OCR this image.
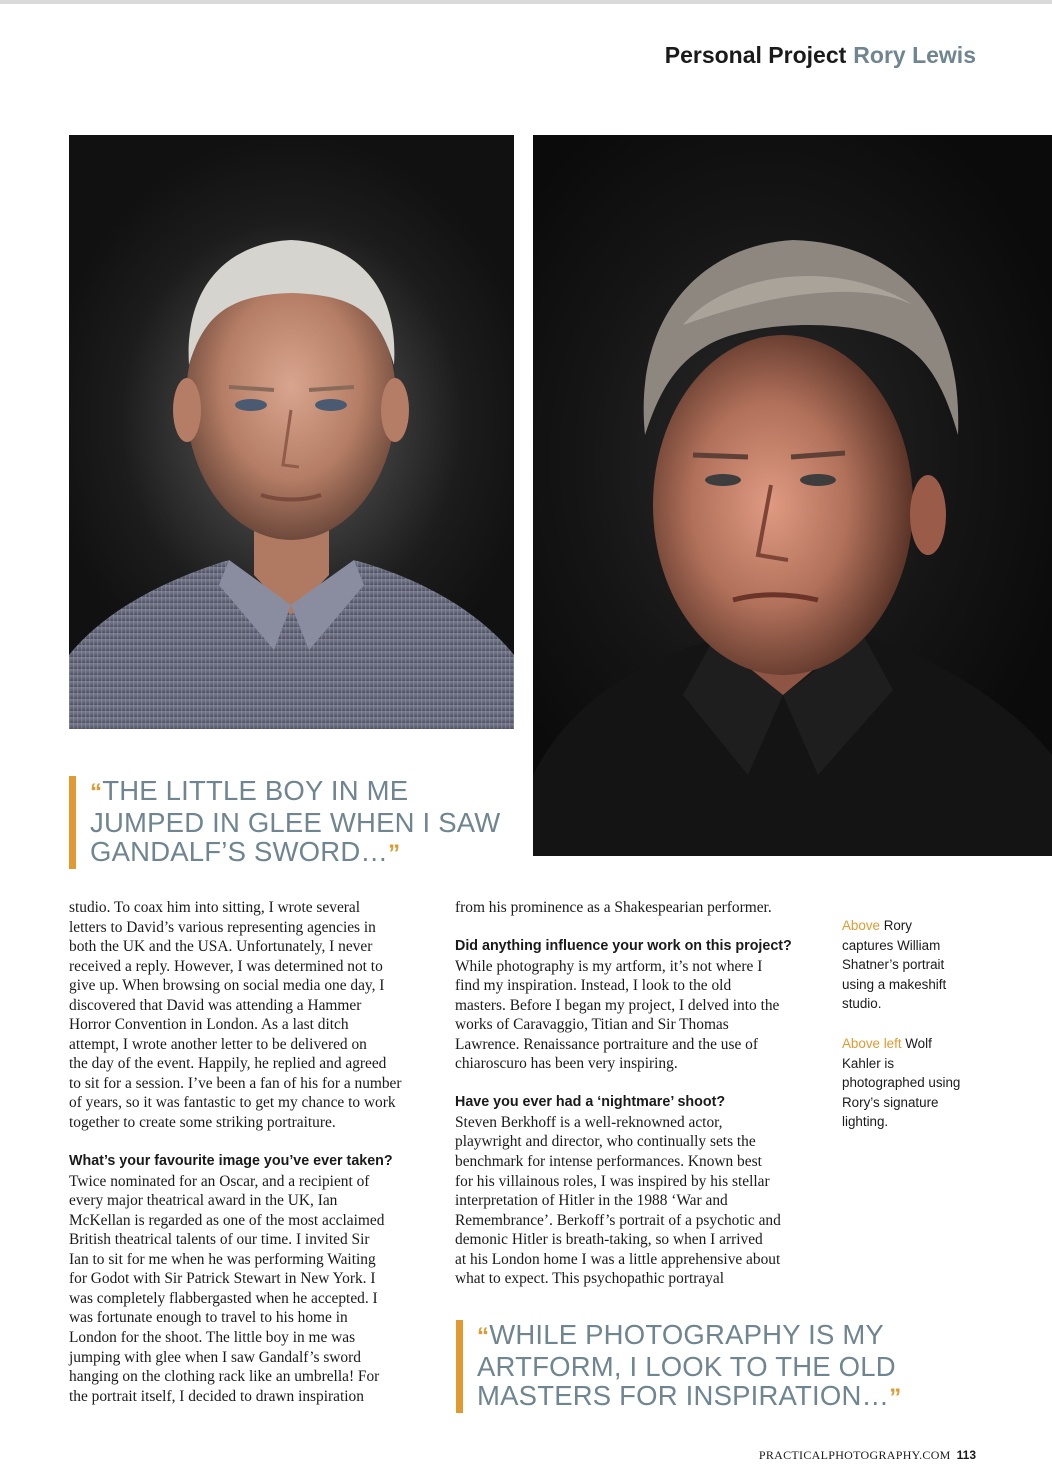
Personal Project Rory Lewis

“THE LITTLE BOY IN ME

JUMPED IN GLEE WHEN I SAW

GANDALF’S SWORD…”

studio. To coax him into sitting, I wrote several

letters to David’s various representing agencies in

both the UK and the USA. Unfortunately, I never

received a reply. However, I was determined not to

give up. When browsing on social media one day, I

discovered that David was attending a Hammer

Horror Convention in London. As a last ditch

attempt, I wrote another letter to be delivered on

the day of the event. Happily, he replied and agreed

to sit for a session. I’ve been a fan of his for a number

of years, so it was fantastic to get my chance to work

together to create some striking portraiture.

What’s your favourite image you’ve ever taken?

Twice nominated for an Oscar, and a recipient of

every major theatrical award in the UK, Ian

McKellan is regarded as one of the most acclaimed

British theatrical talents of our time. I invited Sir

Ian to sit for me when he was performing Waiting

for Godot with Sir Patrick Stewart in New York. I

was completely flabbergasted when he accepted. I

was fortunate enough to travel to his home in

London for the shoot. The little boy in me was

jumping with glee when I saw Gandalf’s sword

hanging on the clothing rack like an umbrella! For

the portrait itself, I decided to drawn inspiration

from his prominence as a Shakespearian performer.

Did anything influence your work on this project?

While photography is my artform, it’s not where I

find my inspiration. Instead, I look to the old

masters. Before I began my project, I delved into the

works of Caravaggio, Titian and Sir Thomas

Lawrence. Renaissance portraiture and the use of

chiaroscuro has been very inspiring.

Have you ever had a ‘nightmare’ shoot?

Steven Berkhoff is a well-reknowned actor,

playwright and director, who continually sets the

benchmark for intense performances. Known best

for his villainous roles, I was inspired by his stellar

interpretation of Hitler in the 1988 ‘War and

Remembrance’. Berkoff’s portrait of a psychotic and

demonic Hitler is breath-taking, so when I arrived

at his London home I was a little apprehensive about

what to expect. This psychopathic portrayal

“WHILE PHOTOGRAPHY IS MY

ARTFORM, I LOOK TO THE OLD

MASTERS FOR INSPIRATION…”

Above Rory
captures William
Shatner’s portrait
using a makeshift
studio.
Above left Wolf
Kahler is
photographed using
Rory’s signature
lighting.
PRACTICALPHOTOGRAPHY.COM 113
